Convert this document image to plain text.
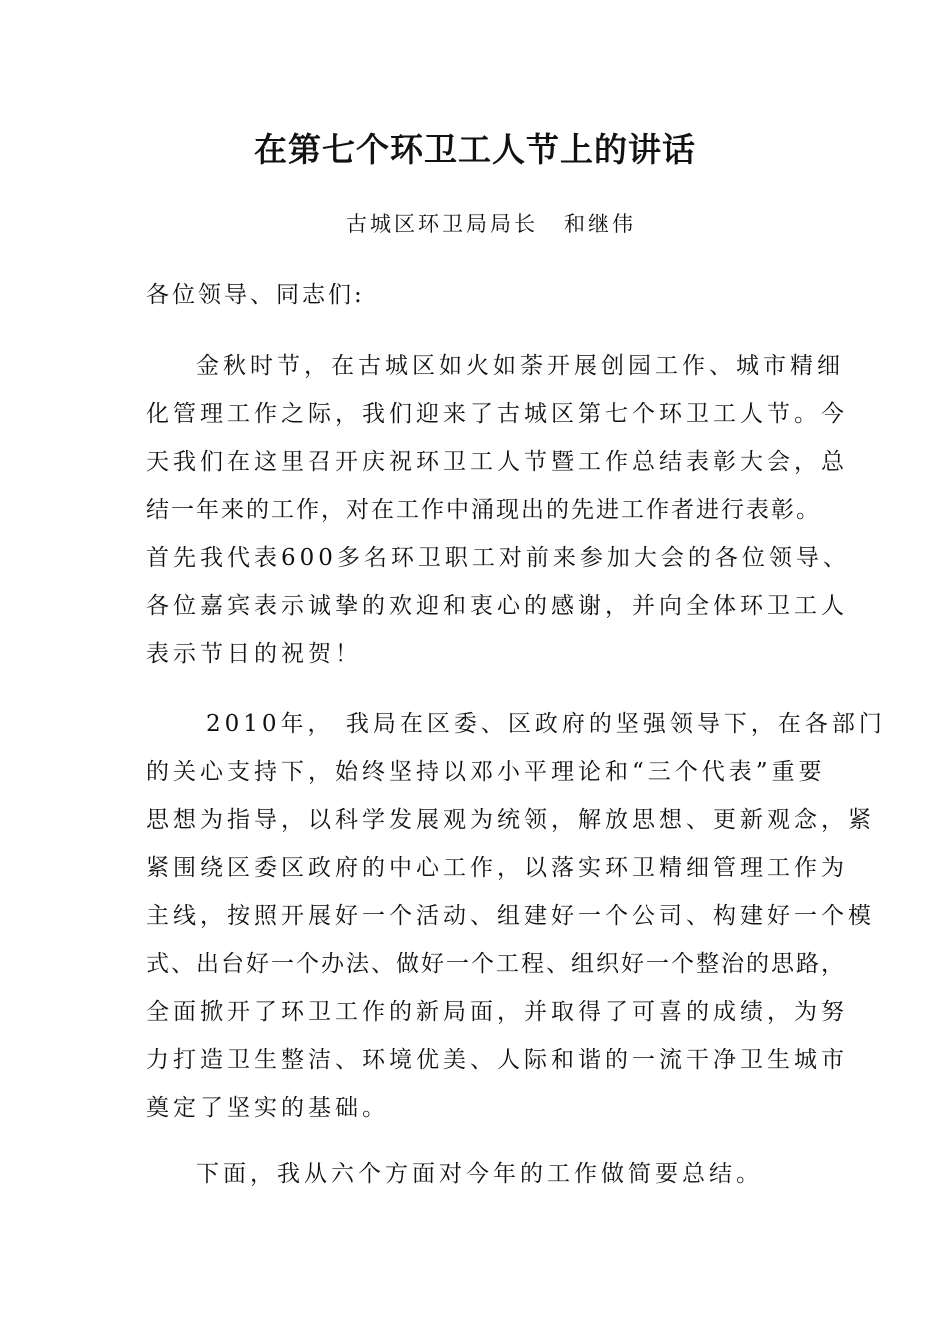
在第七个环卫工人节上的讲话
古城区环卫局局长 和继伟
各位领导、同志们:
金秋时节，在古城区如火如荼开展创园工作、城市精细
化管理工作之际，我们迎来了古城区第七个环卫工人节。今
天我们在这里召开庆祝环卫工人节暨工作总结表彰大会，总
结一年来的工作，对在工作中涌现出的先进工作者进行表彰。
首先我代表600多名环卫职工对前来参加大会的各位领导、
各位嘉宾表示诚挚的欢迎和衷心的感谢，并向全体环卫工人
表示节日的祝贺！
2010年， 我局在区委、区政府的坚强领导下，在各部门
的关心支持下，始终坚持以邓小平理论和“三个代表”重要
思想为指导，以科学发展观为统领，解放思想、更新观念，紧
紧围绕区委区政府的中心工作，以落实环卫精细管理工作为
主线，按照开展好一个活动、组建好一个公司、构建好一个模
式、出台好一个办法、做好一个工程、组织好一个整治的思路，
全面掀开了环卫工作的新局面，并取得了可喜的成绩，为努
力打造卫生整洁、环境优美、人际和谐的一流干净卫生城市
奠定了坚实的基础。
下面，我从六个方面对今年的工作做简要总结。
